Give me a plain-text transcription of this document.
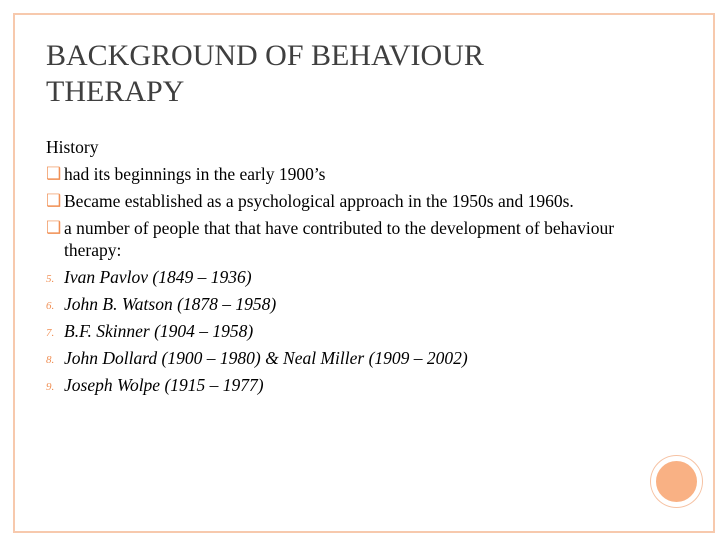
BACKGROUND OF BEHAVIOUR
THERAPY
History
❑ had its beginnings in the early 1900’s
❑ Became established as a psychological approach in the 1950s and 1960s.
❑ a number of people that that have contributed to the development of behaviour therapy:
5. Ivan Pavlov (1849 – 1936)
6. John B. Watson (1878 – 1958)
7. B.F. Skinner (1904 – 1958)
8. John Dollard (1900 – 1980) & Neal Miller (1909 – 2002)
9. Joseph Wolpe (1915 – 1977)
